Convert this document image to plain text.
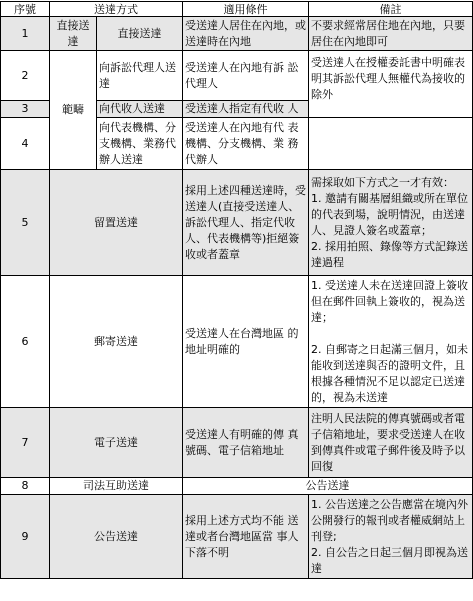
序號	送達方式		適用條件	備註
1	直接送達	直接送達	受送達人居住在內地，或送達時在內地	不要求經常居住地在內地，只要居住在內地即可
2	範疇	向訴訟代理人送達	受送達人在內地有訴 訟代理人	受送達人在授權委託書中明確表明其訴訟代理人無權代為接收的除外
3		向代收人送達	受送達人指定有代收 人	
4		向代表機構、分支機構、業務代辦人送達	受送達人在內地有代 表機構、分支機構、業 務代辦人	
5	留置送達		採用上述四種送達時，受送達人(直接受送達人、訴訟代理人、指定代收人、代表機構等)拒絕簽收或者蓋章	需採取如下方式之一才有效：
1. 邀請有關基層組織或所在單位的代表到場，說明情況，由送達人、見證人簽名或蓋章；
2. 採用拍照、錄像等方式記錄送達過程
6	郵寄送達		受送達人在台灣地區 的地址明確的	1. 受送達人未在送達回證上簽收但在郵件回執上簽收的，視為送達；

2. 自郵寄之日起滿三個月，如未能收到送達與否的證明文件，且根據各種情況不足以認定已送達的，視為未送達
7	電子送達		受送達人有明確的傳 真號碼、電子信箱地址	注明人民法院的傳真號碼或者電子信箱地址，要求受送達人在收到傳真件或電子郵件後及時予以回復
8	司法互助送達		公告送達	
9	公告送達		採用上述方式均不能 送達或者台灣地區當 事人下落不明	1. 公告送達之公告應當在境內外公開發行的報刊或者權威網站上刊登;
2. 自公告之日起三個月即視為送達
